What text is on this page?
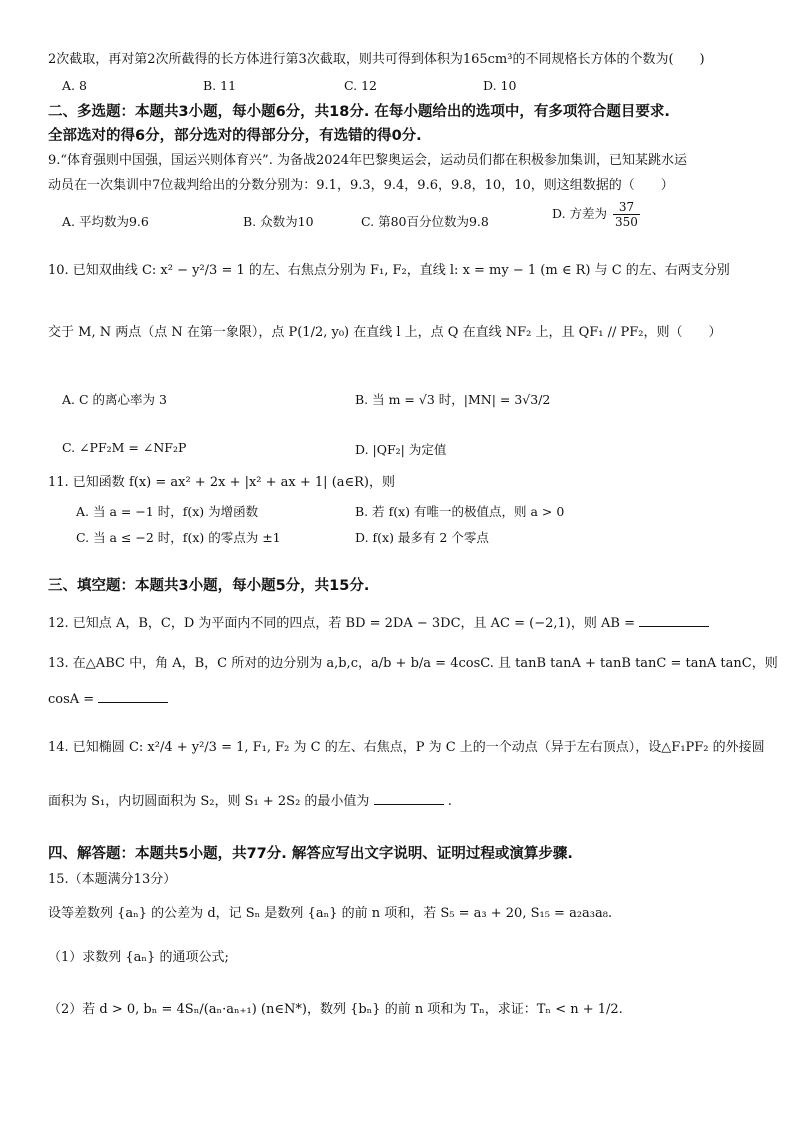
2次截取，再对第2次所截得的长方体进行第3次截取，则共可得到体积为165cm³的不同规格长方体的个数为(　　)
A. 8	B. 11	C. 12	D. 10
二、多选题：本题共3小题，每小题6分，共18分. 在每小题给出的选项中，有多项符合题目要求.
全部选对的得6分，部分选对的得部分分，有选错的得0分.
9.“体育强则中国强，国运兴则体育兴”. 为备战2024年巴黎奥运会，运动员们都在积极参加集训，已知某跳水运
动员在一次集训中7位裁判给出的分数分别为：9.1，9.3，9.4，9.6，9.8，10，10，则这组数据的（　　）
A. 平均数为9.6	B. 众数为10	C. 第80百分位数为9.8
D. 方差为 $\frac{37}{350}$
10. 已知双曲线 C: x² − y²/3 = 1 的左、右焦点分别为 F₁, F₂，直线 l: x = my − 1 (m ∈ R) 与 C 的左、右两支分别
交于 M, N 两点（点 N 在第一象限），点 P(1/2, y₀) 在直线 l 上，点 Q 在直线 NF₂ 上，且 QF₁ // PF₂，则（　　）
A. C 的离心率为 3	B. 当 m = √3 时，|MN| = 3√3/2
C. ∠PF₂M = ∠NF₂P	D. |QF₂| 为定值
11. 已知函数 f(x) = ax² + 2x + |x² + ax + 1| (a∈R)，则
A. 当 a = −1 时，f(x) 为增函数	B. 若 f(x) 有唯一的极值点，则 a > 0
C. 当 a ≤ −2 时，f(x) 的零点为 ±1	D. f(x) 最多有 2 个零点
三、填空题：本题共3小题，每小题5分，共15分.
12. 已知点 A，B，C，D 为平面内不同的四点，若 BD = 2DA − 3DC，且 AC = (−2,1)，则 AB =
13. 在△ABC 中，角 A，B，C 所对的边分别为 a,b,c，a/b + b/a = 4cosC. 且 tanB tanA + tanB tanC = tanA tanC，则
cosA =
14. 已知椭圆 C: x²/4 + y²/3 = 1, F₁, F₂ 为 C 的左、右焦点，P 为 C 上的一个动点（异于左右顶点），设△F₁PF₂ 的外接圆
面积为 S₁，内切圆面积为 S₂，则 S₁ + 2S₂ 的最小值为	.
四、解答题：本题共5小题，共77分. 解答应写出文字说明、证明过程或演算步骤.
15.（本题满分13分）
设等差数列 {aₙ} 的公差为 d，记 Sₙ 是数列 {aₙ} 的前 n 项和，若 S₅ = a₃ + 20, S₁₅ = a₂a₃a₈.
（1）求数列 {aₙ} 的通项公式;
（2）若 d > 0, bₙ = 4Sₙ/(aₙ·aₙ₊₁) (n∈N*)，数列 {bₙ} 的前 n 项和为 Tₙ，求证：Tₙ < n + 1/2.
